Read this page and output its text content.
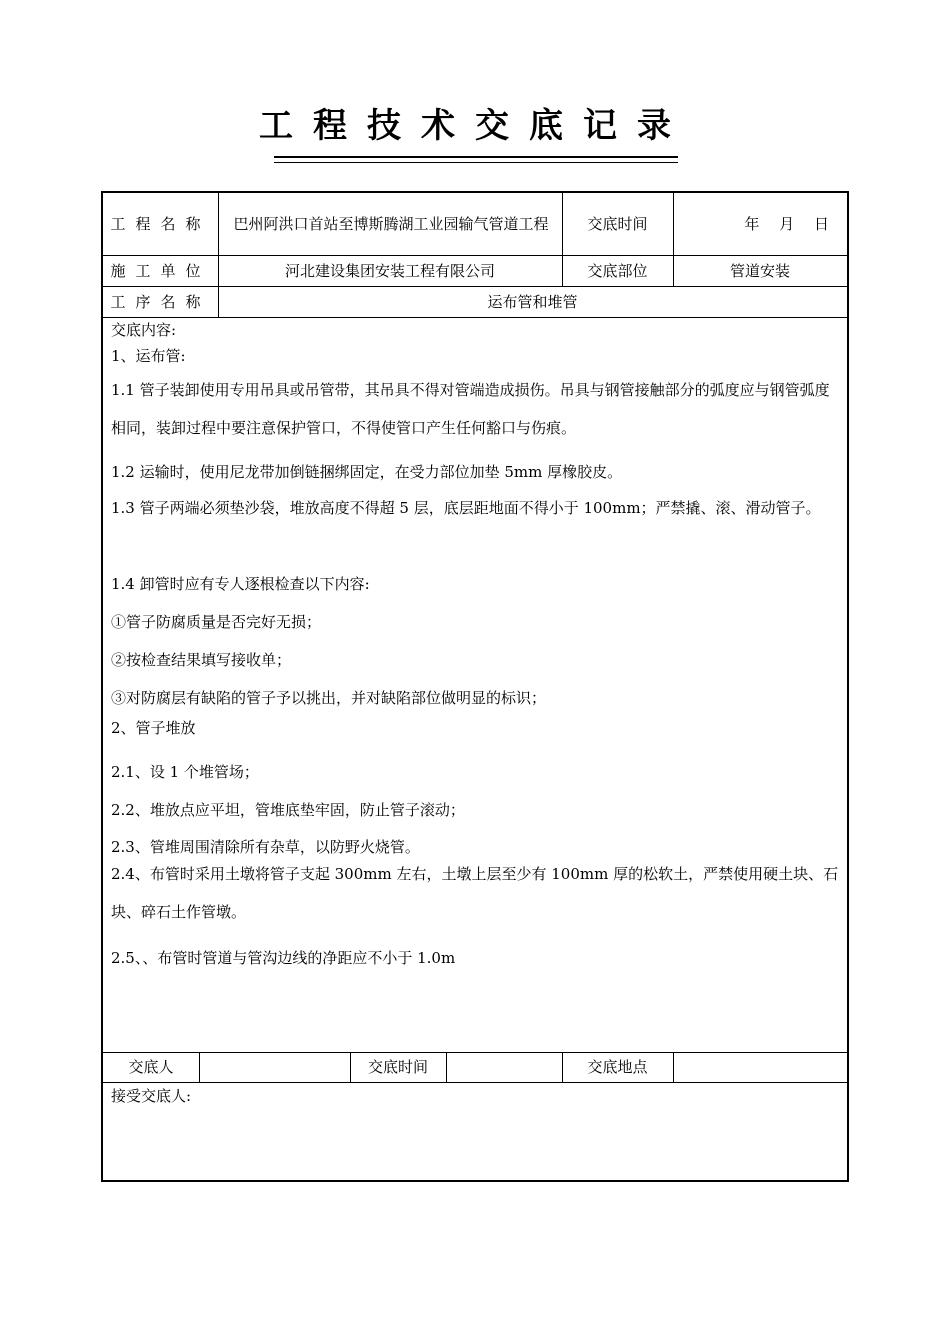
工程技术交底记录
工程名称	巴州阿洪口首站至博斯腾湖工业园输气管道工程	交底时间	年　 月　 日
施工单位	河北建设集团安装工程有限公司	交底部位	管道安装
工序名称	运布管和堆管
交底内容:
1、运布管:
1.1 管子装卸使用专用吊具或吊管带，其吊具不得对管端造成损伤。吊具与钢管接触部分的弧度应与钢管弧度相同，装卸过程中要注意保护管口，不得使管口产生任何豁口与伤痕。
1.2 运输时，使用尼龙带加倒链捆绑固定，在受力部位加垫 5mm 厚橡胶皮。
1.3 管子两端必须垫沙袋，堆放高度不得超 5 层，底层距地面不得小于 100mm；严禁撬、滚、滑动管子。
1.4 卸管时应有专人逐根检查以下内容:
①管子防腐质量是否完好无损；
②按检查结果填写接收单；
③对防腐层有缺陷的管子予以挑出，并对缺陷部位做明显的标识；
2、管子堆放
2.1、设 1 个堆管场；
2.2、堆放点应平坦，管堆底垫牢固，防止管子滚动；
2.3、管堆周围清除所有杂草，以防野火烧管。
2.4、布管时采用土墩将管子支起 300mm 左右，土墩上层至少有 100mm 厚的松软土，严禁使用硬土块、石块、碎石土作管墩。
2.5、、布管时管道与管沟边线的净距应不小于 1.0m
交底人	交底时间	交底地点
接受交底人:
